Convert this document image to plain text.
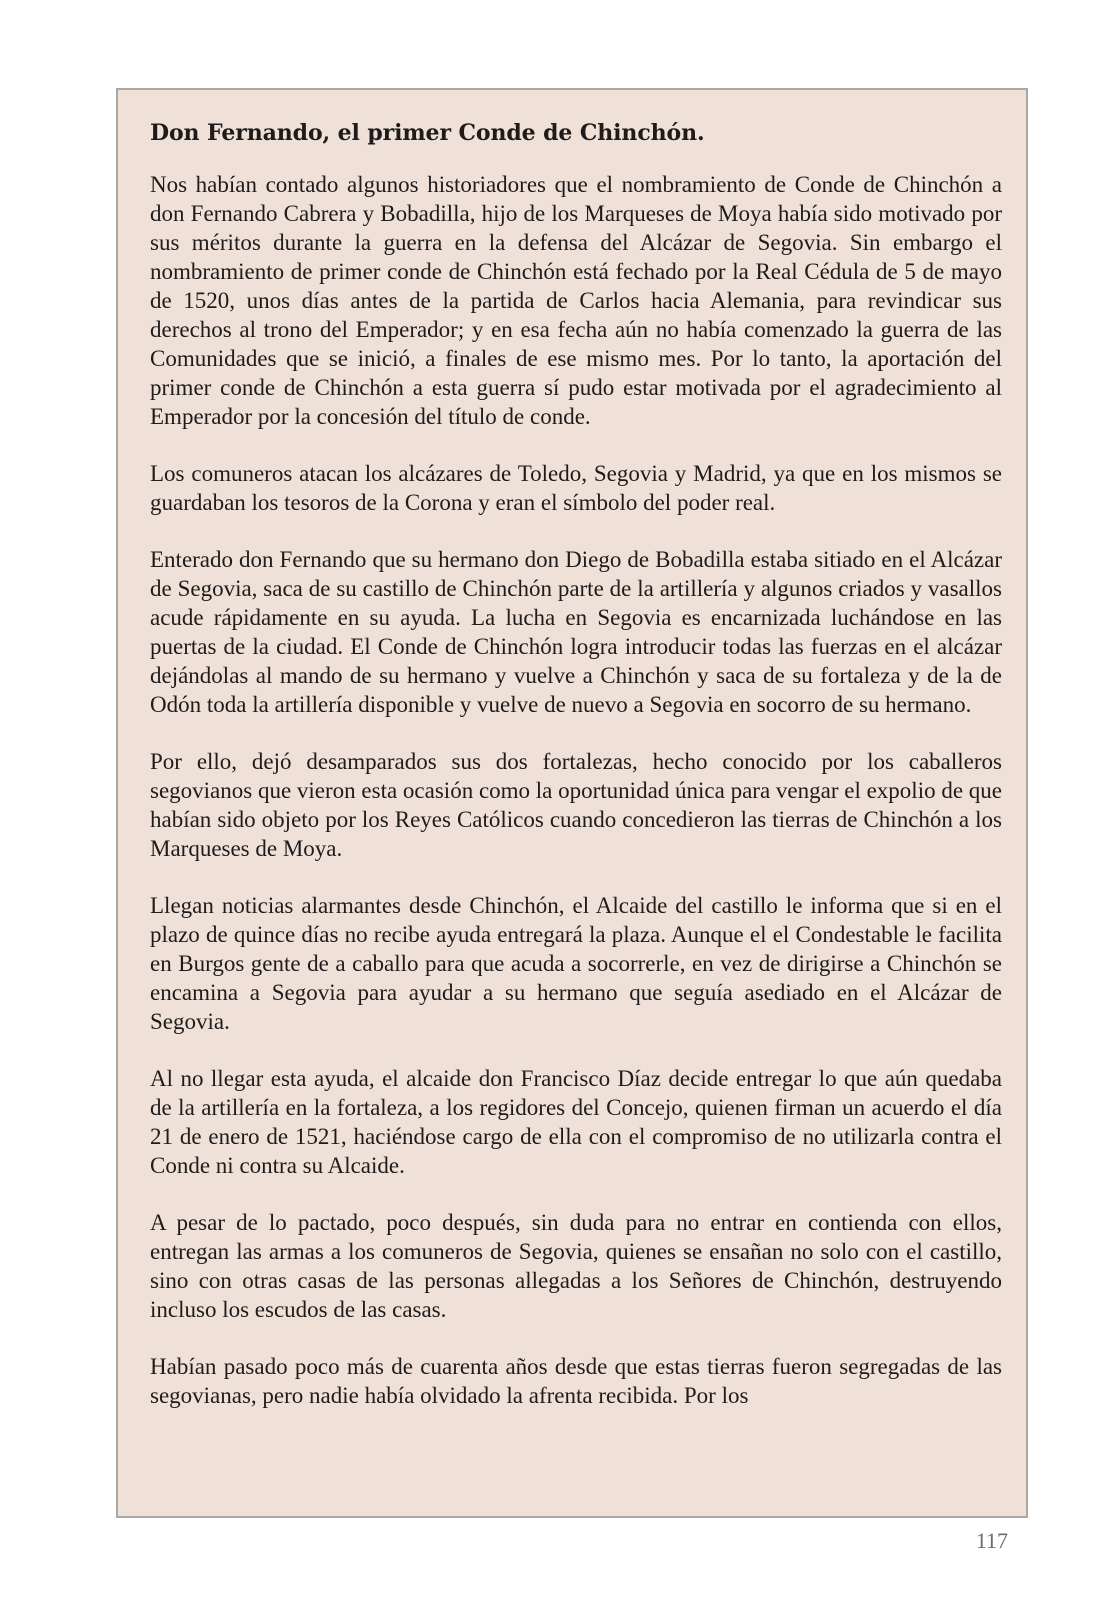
Don Fernando, el primer Conde de Chinchón.

Nos habían contado algunos historiadores que el nombramiento de Conde de Chinchón a don Fernando Cabrera y Bobadilla, hijo de los Marqueses de Moya había sido motivado por sus méritos durante la guerra en la defensa del Alcázar de Segovia. Sin embargo el nombramiento de primer conde de Chinchón está fechado por la Real Cédula de 5 de mayo de 1520, unos días antes de la partida de Carlos hacia Alemania, para revindicar sus derechos al trono del Emperador; y en esa fecha aún no había comenzado la guerra de las Comunidades que se inició, a finales de ese mismo mes. Por lo tanto, la aportación del primer conde de Chinchón a esta guerra sí pudo estar motivada por el agradecimiento al Emperador por la concesión del título de conde.

Los comuneros atacan los alcázares de Toledo, Segovia y Madrid, ya que en los mismos se guardaban los tesoros de la Corona y eran el símbolo del poder real.

Enterado don Fernando que su hermano don Diego de Bobadilla estaba sitiado en el Alcázar de Segovia, saca de su castillo de Chinchón parte de la artillería y algunos criados y vasallos acude rápidamente en su ayuda. La lucha en Segovia es encarnizada luchándose en las puertas de la ciudad. El Conde de Chinchón logra introducir todas las fuerzas en el alcázar dejándolas al mando de su hermano y vuelve a Chinchón y saca de su fortaleza y de la de Odón toda la artillería disponible y vuelve de nuevo a Segovia en socorro de su hermano.

Por ello, dejó desamparados sus dos fortalezas, hecho conocido por los caballeros segovianos que vieron esta ocasión como la oportunidad única para vengar el expolio de que habían sido objeto por los Reyes Católicos cuando concedieron las tierras de Chinchón a los Marqueses de Moya.

Llegan noticias alarmantes desde Chinchón, el Alcaide del castillo le informa que si en el plazo de quince días no recibe ayuda entregará la plaza. Aunque el el Condestable le facilita en Burgos gente de a caballo para que acuda a socorrerle, en vez de dirigirse a Chinchón se encamina a Segovia para ayudar a su hermano que seguía asediado en el Alcázar de Segovia.

Al no llegar esta ayuda, el alcaide don Francisco Díaz decide entregar lo que aún quedaba de la artillería en la fortaleza, a los regidores del Concejo, quienen firman un acuerdo el día 21 de enero de 1521, haciéndose cargo de ella con el compromiso de no utilizarla contra el Conde ni contra su Alcaide.

A pesar de lo pactado, poco después, sin duda para no entrar en contienda con ellos, entregan las armas a los comuneros de Segovia, quienes se ensañan no solo con el castillo, sino con otras casas de las personas allegadas a los Señores de Chinchón, destruyendo incluso los escudos de las casas.

Habían pasado poco más de cuarenta años desde que estas tierras fueron segregadas de las segovianas, pero nadie había olvidado la afrenta recibida. Por los

117
